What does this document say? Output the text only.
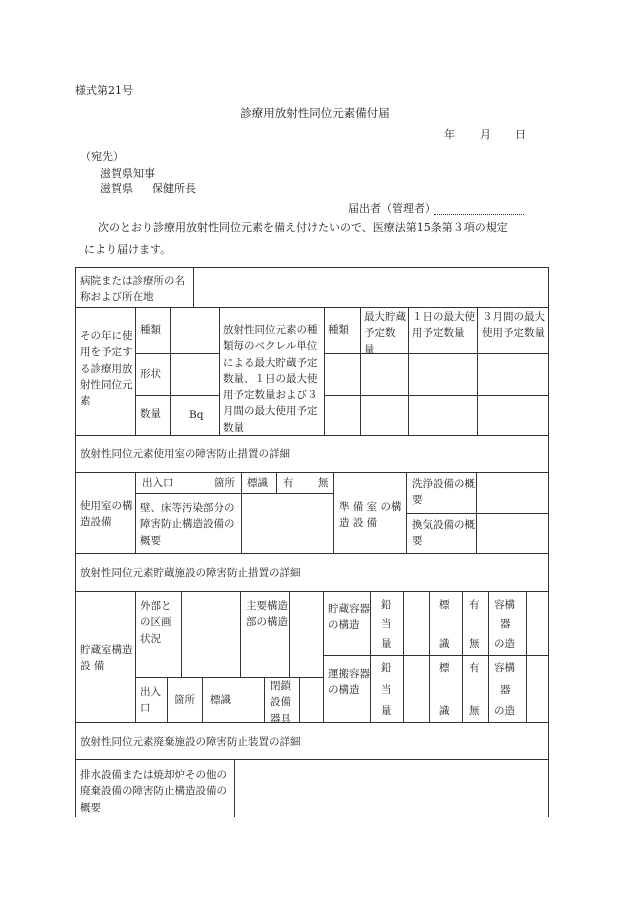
様式第21号
診療用放射性同位元素備付届
年 月 日
（宛先）
滋賀県知事
滋賀県 保健所長
届出者（管理者）
次のとおり診療用放射性同位元素を備え付けたいので、医療法第15条第３項の規定
により届けます。
病院または診療所の名称および所在地
その年に使用を予定する診療用放射性同位元素
種類
形状
数量	Bq
放射性同位元素の種類毎のベクレル単位による最大貯蔵予定数量、１日の最大使用予定数量および３月間の最大使用予定数量
種類
最大貯蔵予定数　量
１日の最大使用予定数量
３月間の最大使用予定数量
放射性同位元素使用室の障害防止措置の詳細
使用室の構造設備
出入口	箇所 標識 有 無
壁、床等汚染部分の障害防止構造設備の概要
準 備 室 の構 造 設 備
洗浄設備の概要
換気設備の概要
放射性同位元素貯蔵施設の障害防止措置の詳細
貯蔵室構造 設 備
外部との区画状況
主要構造部の構造
貯蔵容器の構造
鉛
当
量
標
識
有
無
容構
器
の造
出入口
箇所 標識
閉鎖設備器具
運搬容器の構造
鉛
当
量
標
識
有
無
容構
器
の造
放射性同位元素廃棄施設の障害防止装置の詳細
排水設備または焼却炉その他の廃棄設備の障害防止構造設備の概要
